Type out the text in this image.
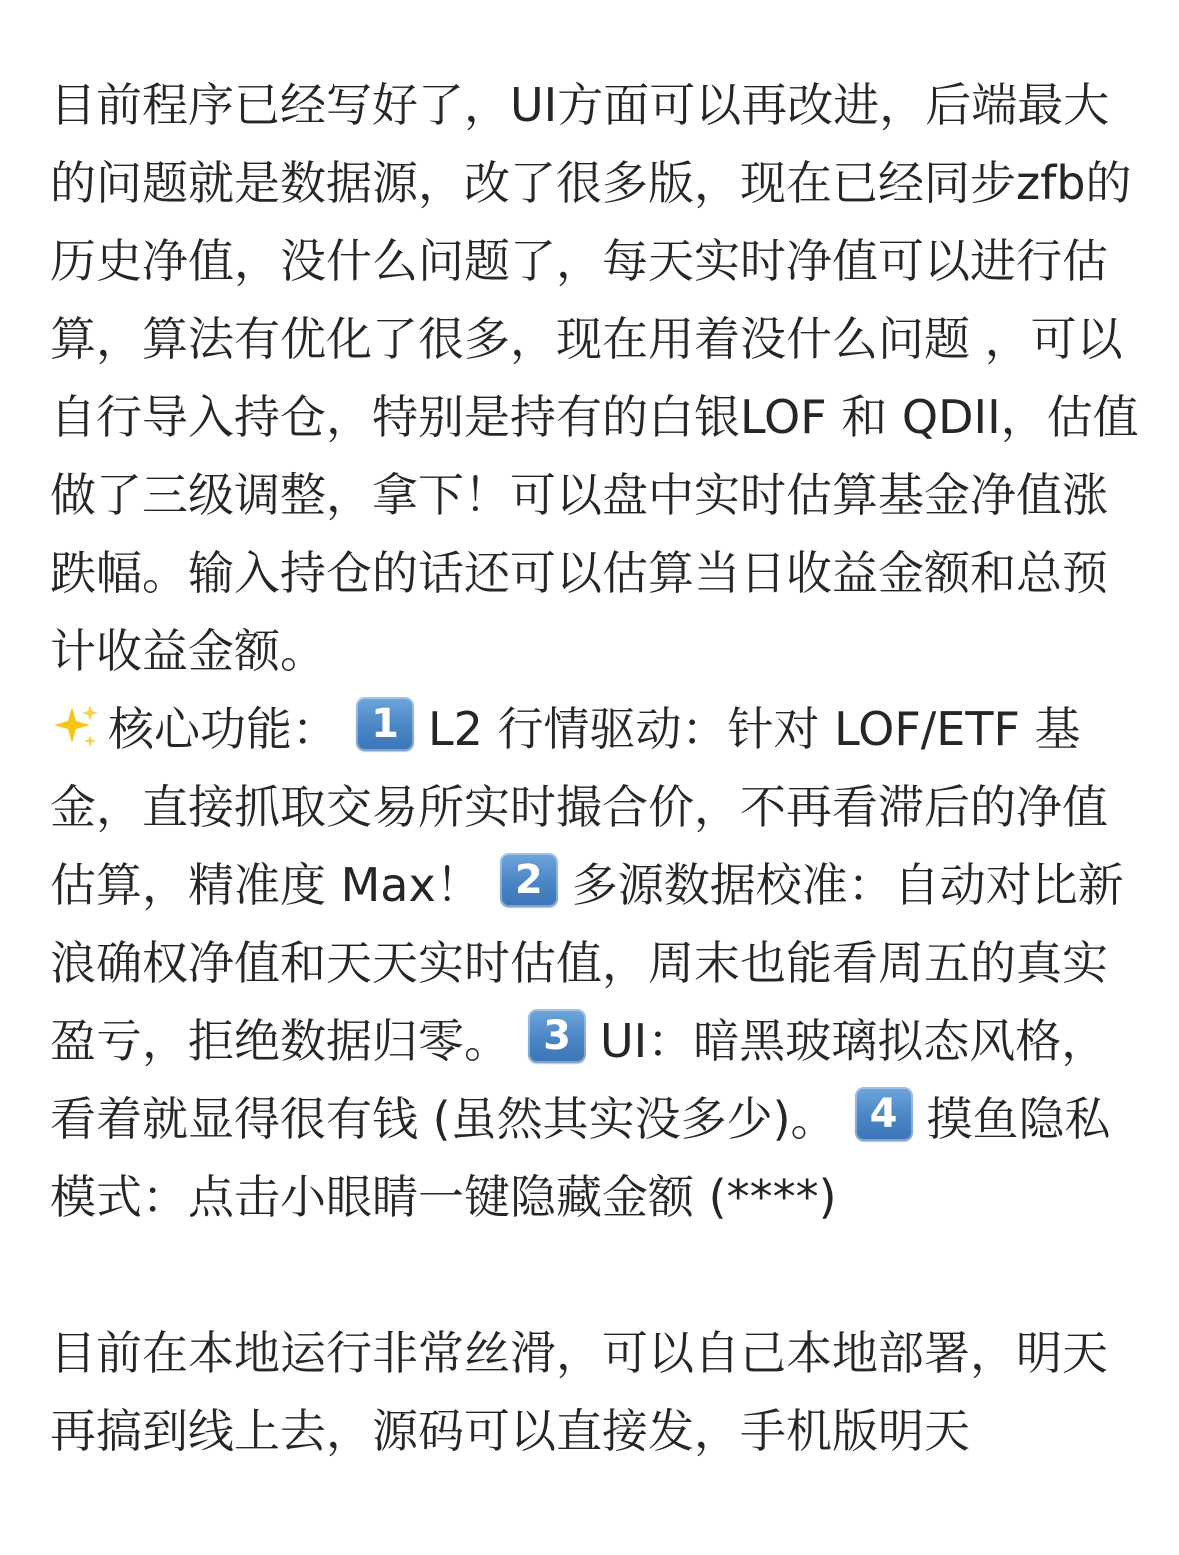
目前程序已经写好了，UI方面可以再改进，后端最大的问题就是数据源，改了很多版，现在已经同步zfb的历史净值，没什么问题了，每天实时净值可以进行估算，算法有优化了很多，现在用着没什么问题 ，可以自行导入持仓，特别是持有的白银LOF 和 QDII，估值做了三级调整，拿下！可以盘中实时估算基金净值涨跌幅。输入持仓的话还可以估算当日收益金额和总预计收益金额。

核心功能： 1 L2 行情驱动：针对 LOF/ETF 基金，直接抓取交易所实时撮合价，不再看滞后的净值估算，精准度 Max！ 2 多源数据校准：自动对比新浪确权净值和天天实时估值，周末也能看周五的真实盈亏，拒绝数据归零。 3 UI：暗黑玻璃拟态风格，看着就显得很有钱 (虽然其实没多少)。 4 摸鱼隐私模式：点击小眼睛一键隐藏金额 (****)

目前在本地运行非常丝滑，可以自己本地部署，明天再搞到线上去，源码可以直接发，手机版明天
